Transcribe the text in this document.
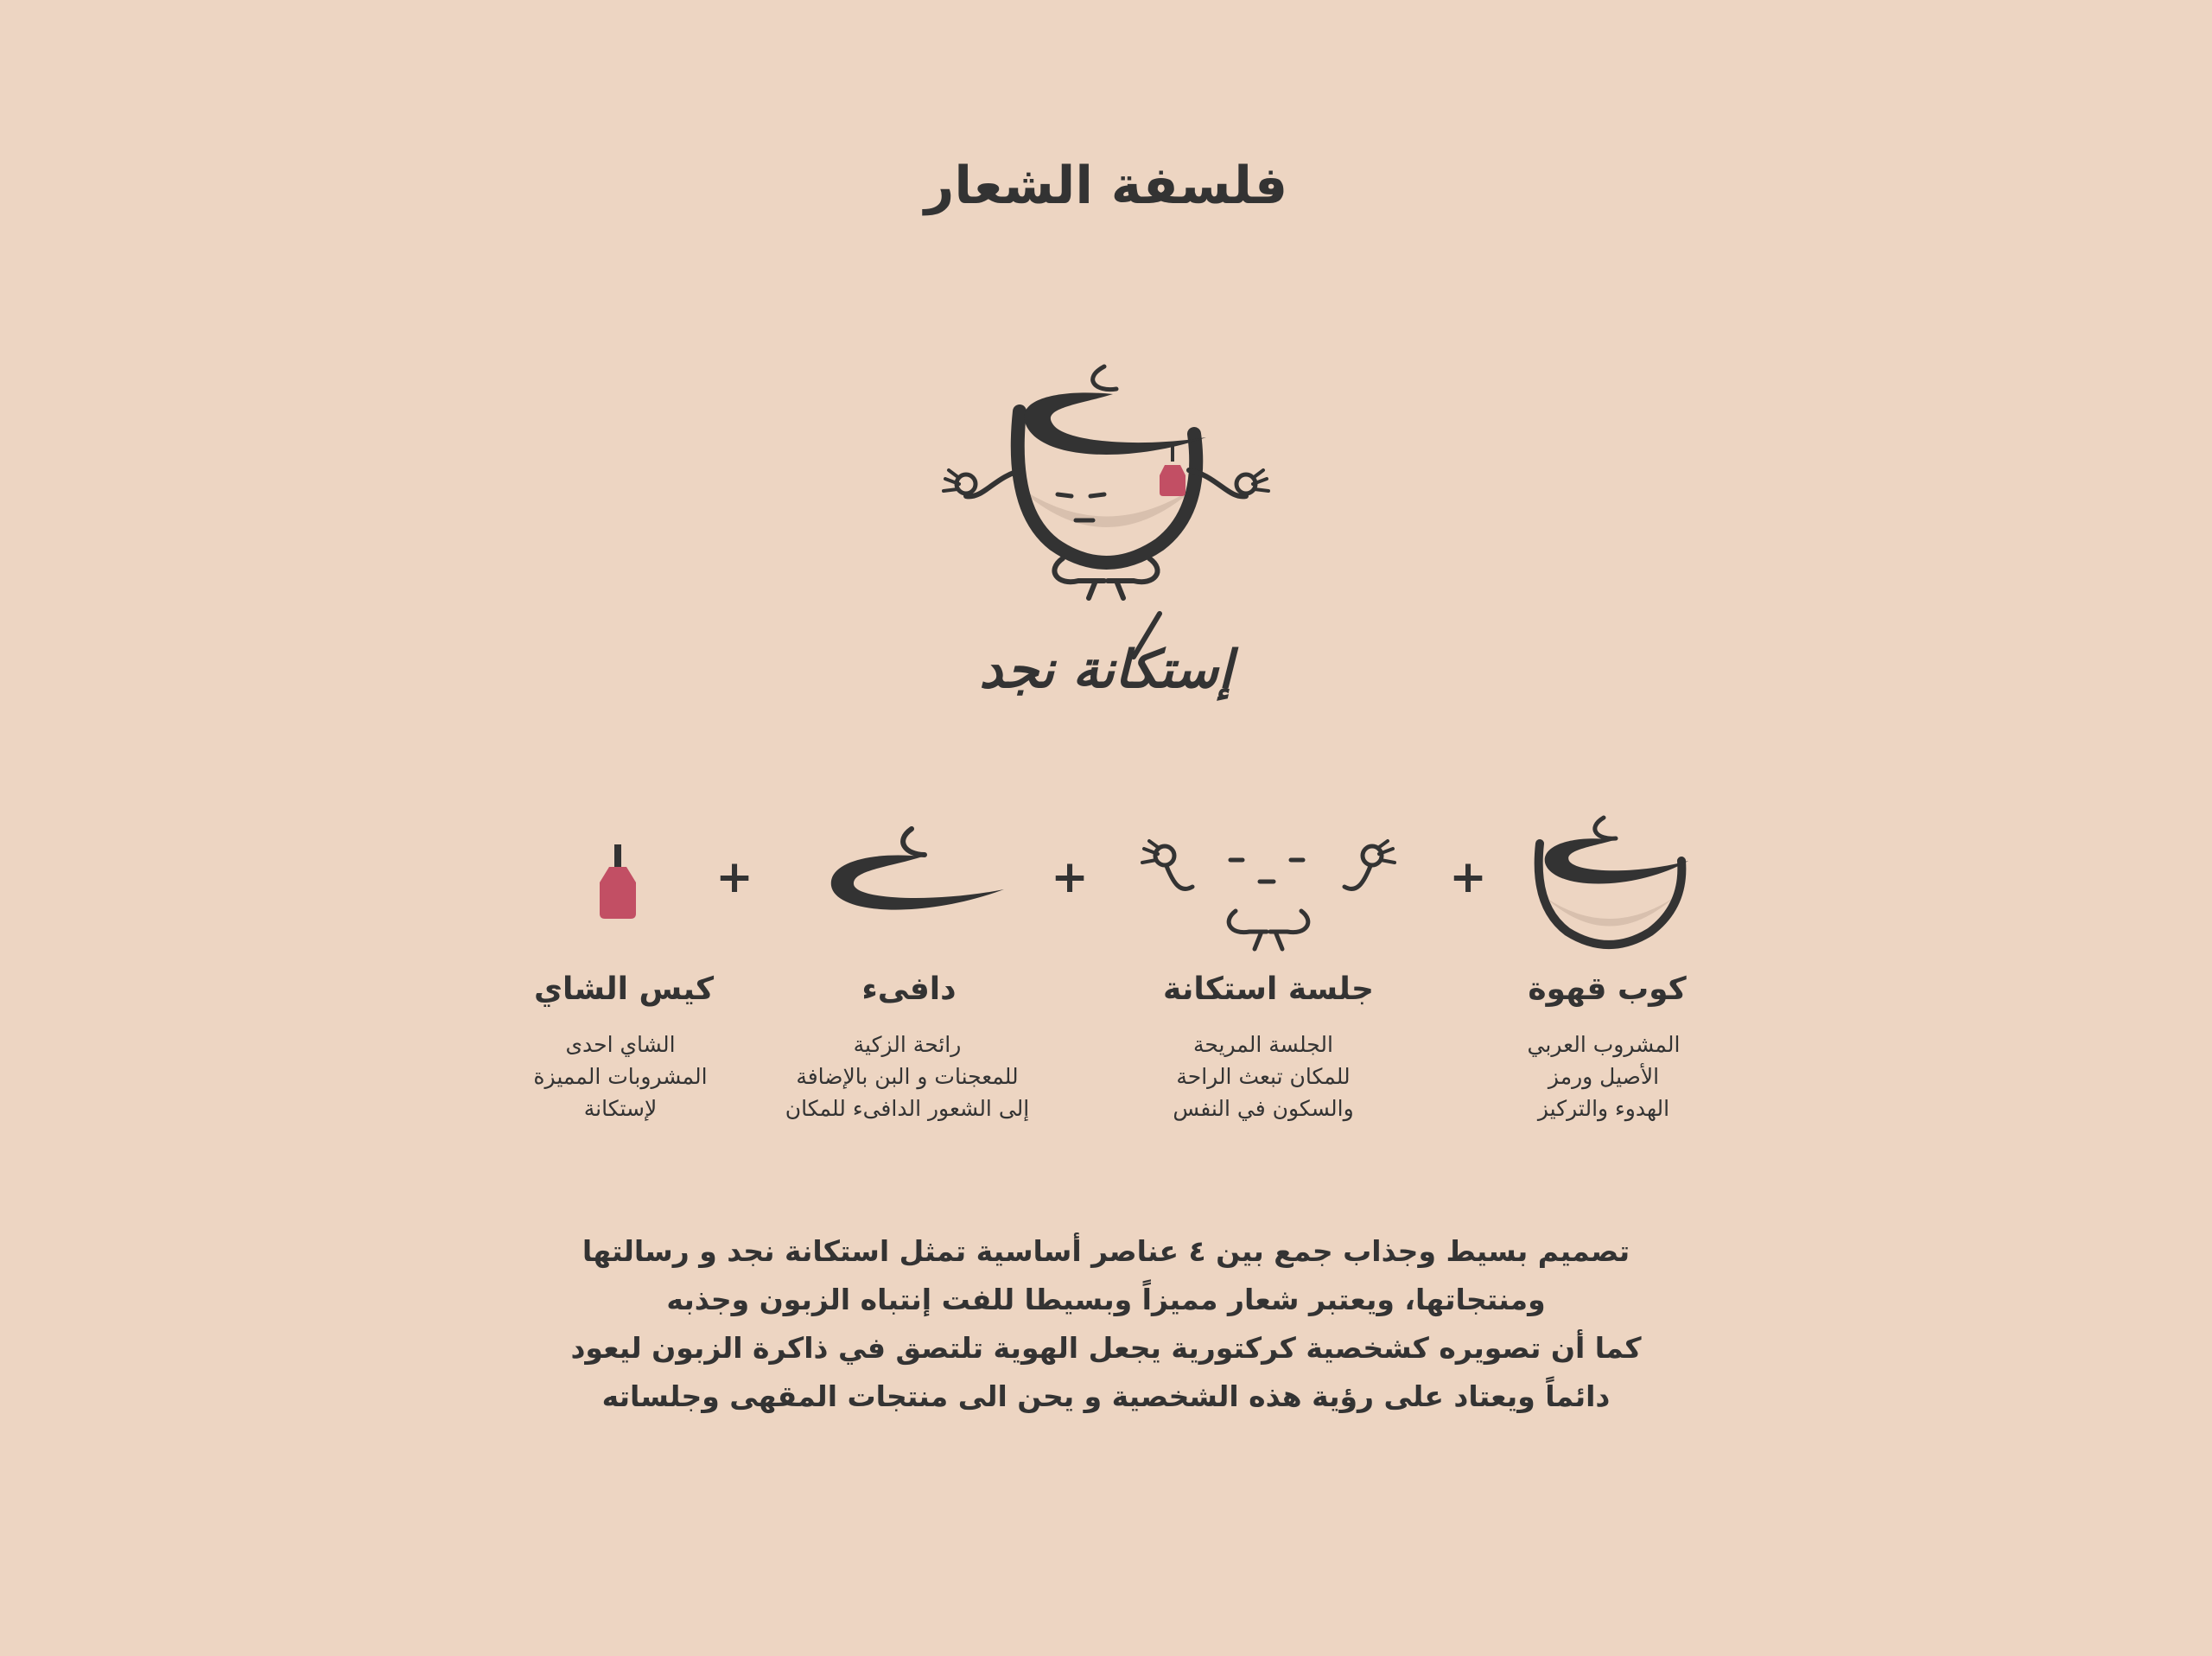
فلسفة الشعار
إستكانة نجد
+	+	+
كيس الشاي	دافىء	جلسة استكانة	كوب قهوة
الشاي احدى
المشروبات المميزة
لإستكانة
رائحة الزكية
للمعجنات و البن بالإضافة
إلى الشعور الدافىء للمكان
الجلسة المريحة
للمكان تبعث الراحة
والسكون في النفس
المشروب العربي
الأصيل ورمز
الهدوء والتركيز
تصميم بسيط وجذاب جمع بين ٤ عناصر أساسية تمثل استكانة نجد و رسالتها
ومنتجاتها، ويعتبر شعار مميزاً وبسيطا للفت إنتباه الزبون وجذبه
كما أن تصويره كشخصية كركتورية يجعل الهوية تلتصق في ذاكرة الزبون ليعود
دائماً ويعتاد على رؤية هذه الشخصية و يحن الى منتجات المقهى وجلساته
